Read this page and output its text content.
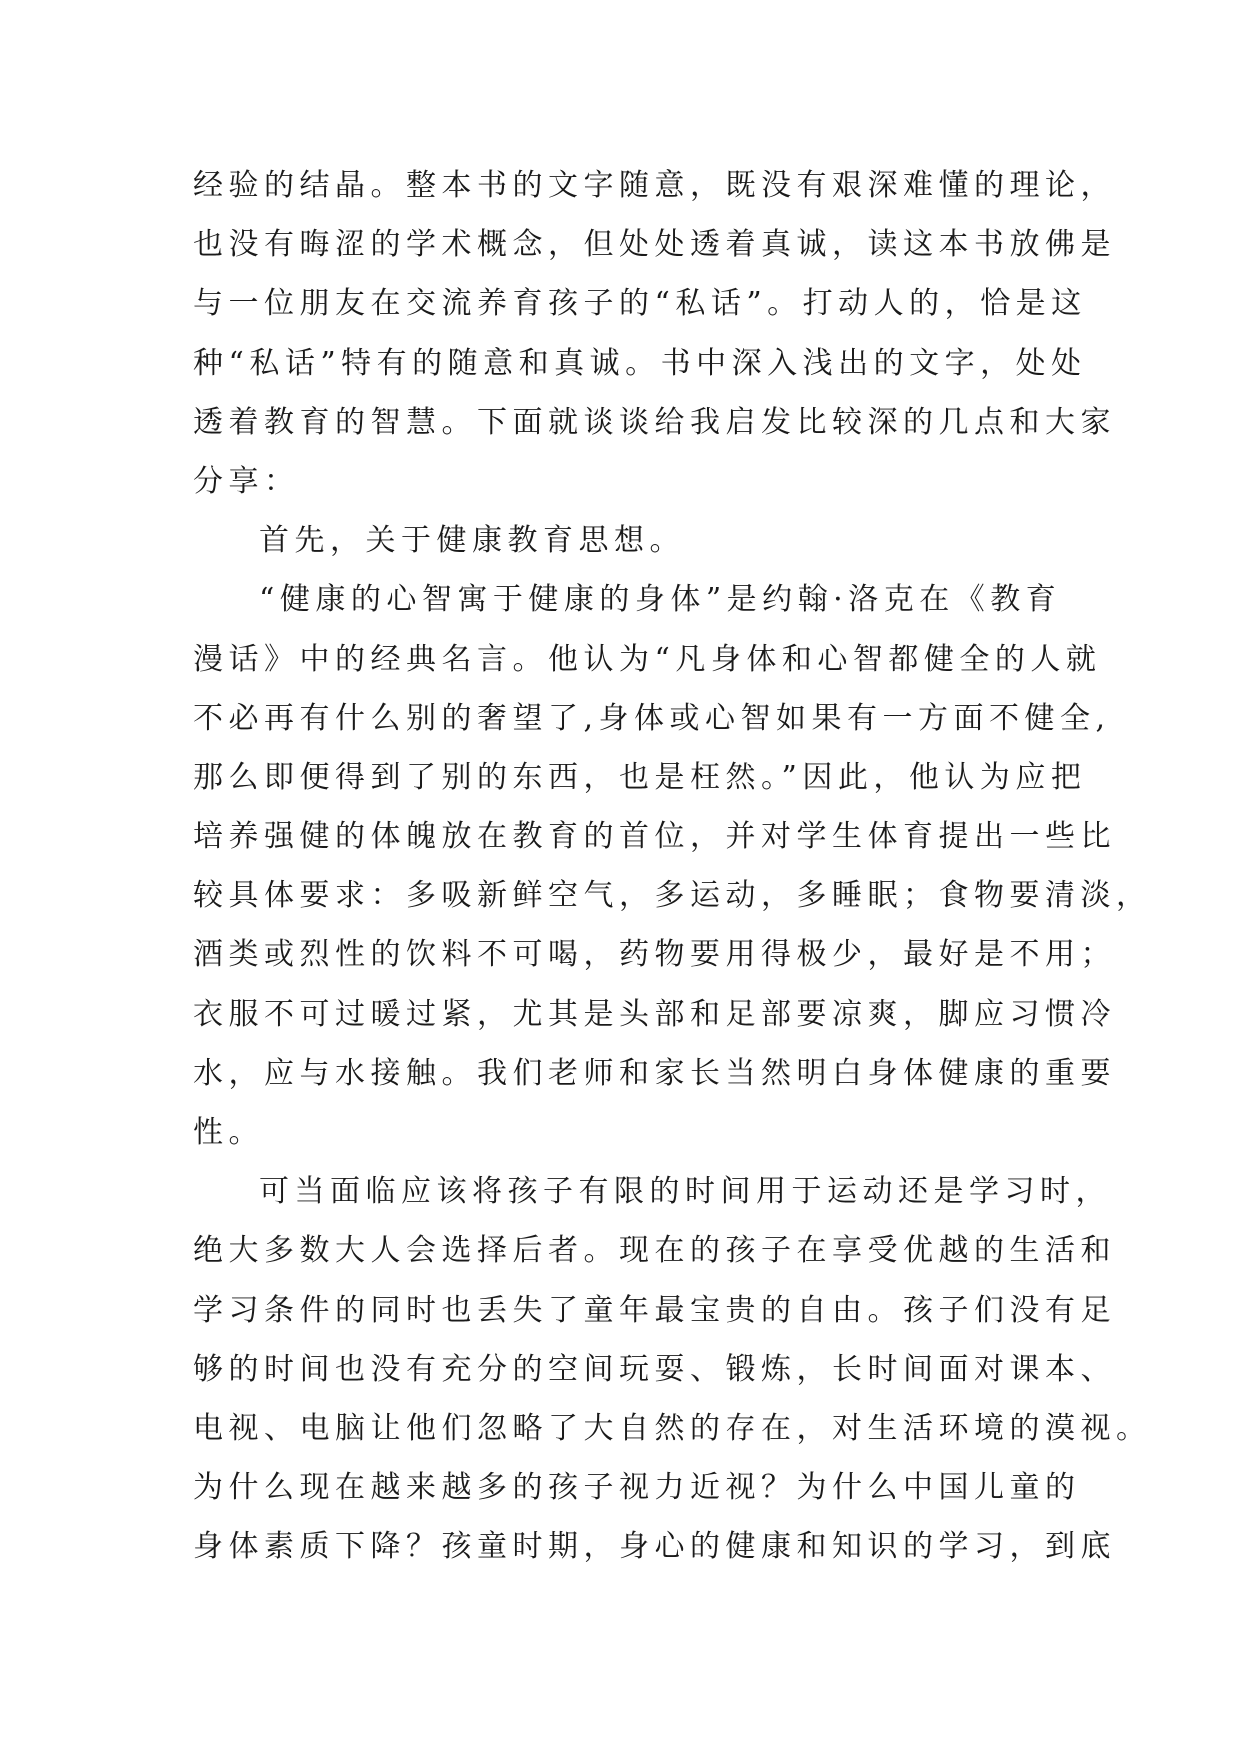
经验的结晶。整本书的文字随意，既没有艰深难懂的理论，
也没有晦涩的学术概念，但处处透着真诚，读这本书放佛是
与一位朋友在交流养育孩子的“私话”。打动人的，恰是这
种“私话”特有的随意和真诚。书中深入浅出的文字，处处
透着教育的智慧。下面就谈谈给我启发比较深的几点和大家
分享：
首先，关于健康教育思想。
“健康的心智寓于健康的身体”是约翰·洛克在《教育
漫话》中的经典名言。他认为“凡身体和心智都健全的人就
不必再有什么别的奢望了,身体或心智如果有一方面不健全,
那么即便得到了别的东西，也是枉然。”因此，他认为应把
培养强健的体魄放在教育的首位，并对学生体育提出一些比
较具体要求：多吸新鲜空气，多运动，多睡眠；食物要清淡，
酒类或烈性的饮料不可喝，药物要用得极少，最好是不用；
衣服不可过暖过紧，尤其是头部和足部要凉爽，脚应习惯冷
水，应与水接触。我们老师和家长当然明白身体健康的重要
性。
可当面临应该将孩子有限的时间用于运动还是学习时，
绝大多数大人会选择后者。现在的孩子在享受优越的生活和
学习条件的同时也丢失了童年最宝贵的自由。孩子们没有足
够的时间也没有充分的空间玩耍、锻炼，长时间面对课本、
电视、电脑让他们忽略了大自然的存在，对生活环境的漠视。
为什么现在越来越多的孩子视力近视？为什么中国儿童的
身体素质下降？孩童时期，身心的健康和知识的学习，到底
